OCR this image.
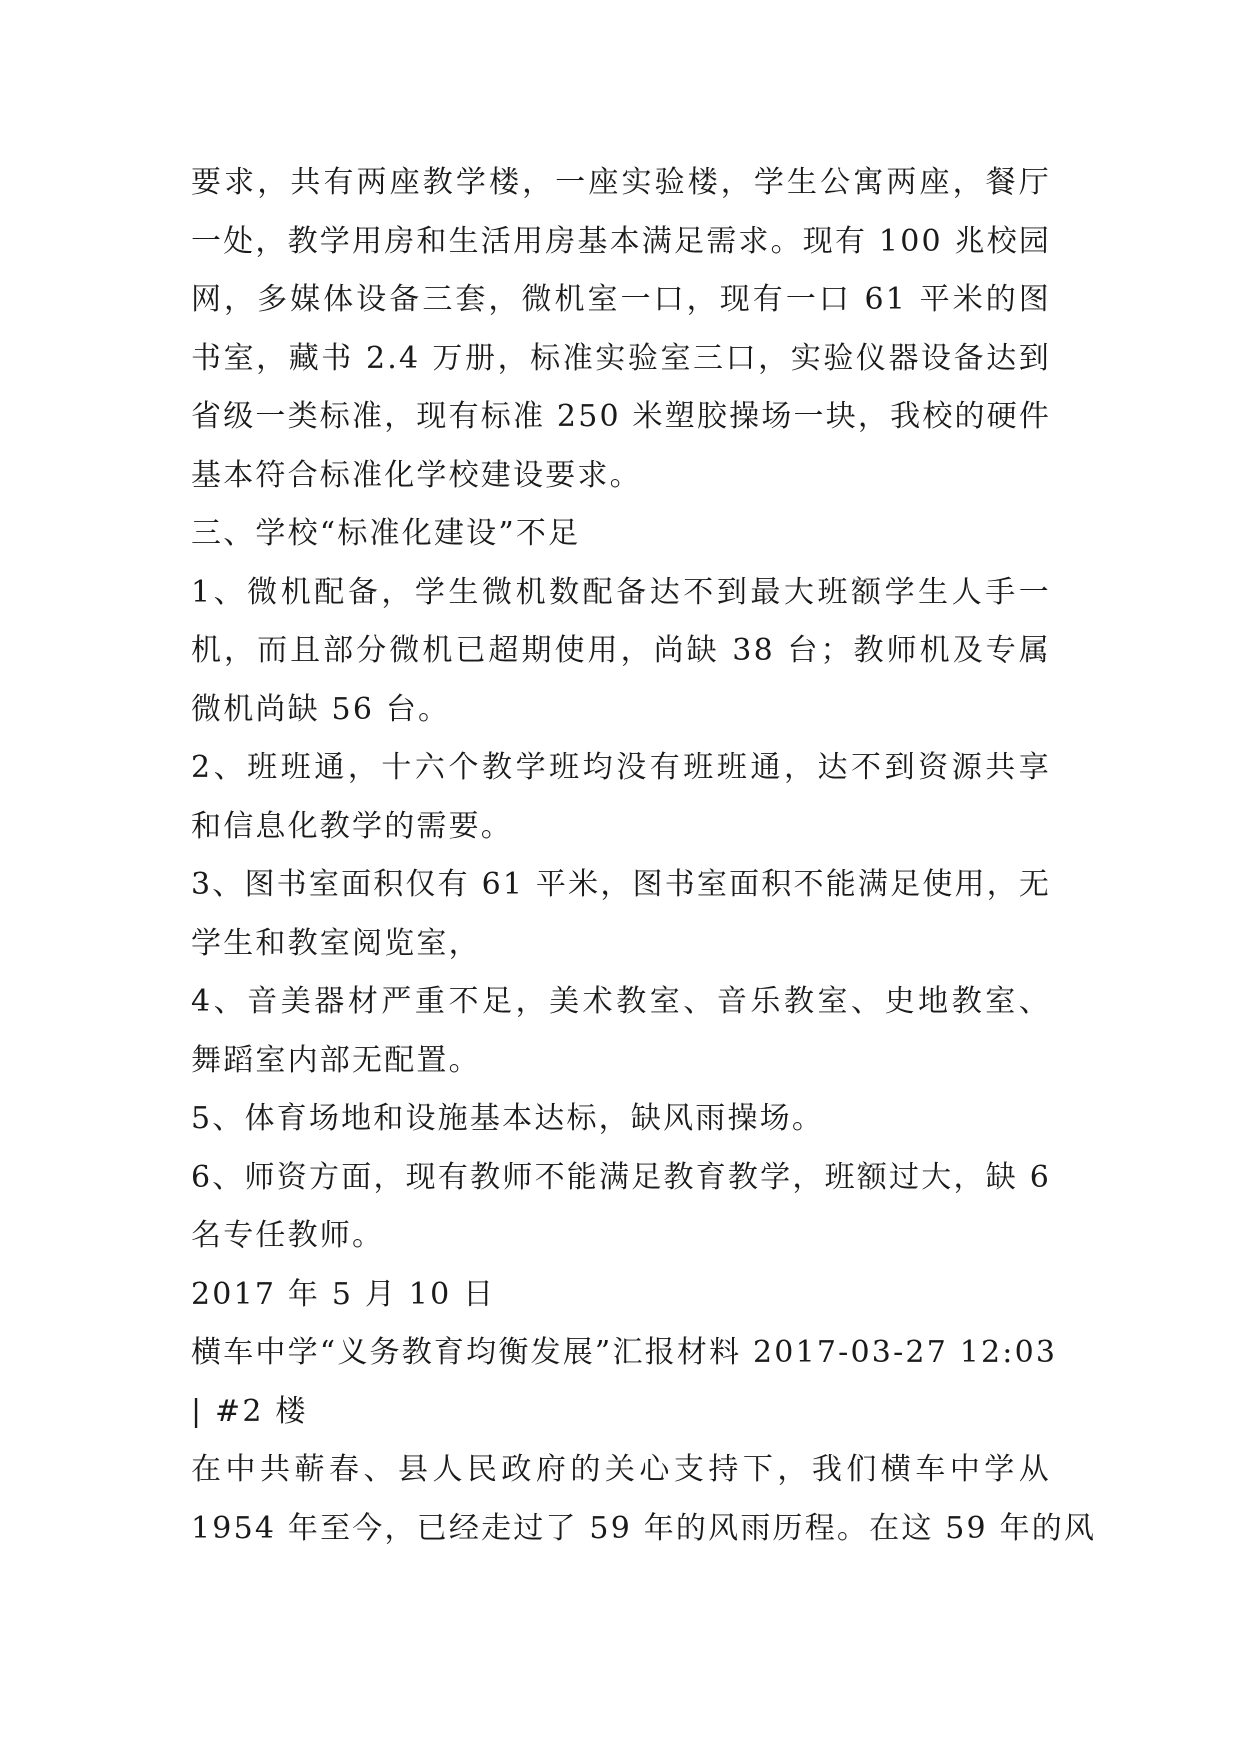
要求，共有两座教学楼，一座实验楼，学生公寓两座，餐厅
一处，教学用房和生活用房基本满足需求。现有 100 兆校园
网，多媒体设备三套，微机室一口，现有一口 61 平米的图
书室，藏书 2.4 万册，标准实验室三口，实验仪器设备达到
省级一类标准，现有标准 250 米塑胶操场一块，我校的硬件
基本符合标准化学校建设要求。
三、学校“标准化建设”不足
1、微机配备，学生微机数配备达不到最大班额学生人手一
机，而且部分微机已超期使用，尚缺 38 台；教师机及专属
微机尚缺 56 台。
2、班班通，十六个教学班均没有班班通，达不到资源共享
和信息化教学的需要。
3、图书室面积仅有 61 平米，图书室面积不能满足使用，无
学生和教室阅览室，
4、音美器材严重不足，美术教室、音乐教室、史地教室、
舞蹈室内部无配置。
5、体育场地和设施基本达标，缺风雨操场。
6、师资方面，现有教师不能满足教育教学，班额过大，缺 6
名专任教师。
2017 年 5 月 10 日
横车中学“义务教育均衡发展”汇报材料 2017-03-27 12:03
| #2 楼
在中共蕲春、县人民政府的关心支持下，我们横车中学从
1954 年至今，已经走过了 59 年的风雨历程。在这 59 年的风
